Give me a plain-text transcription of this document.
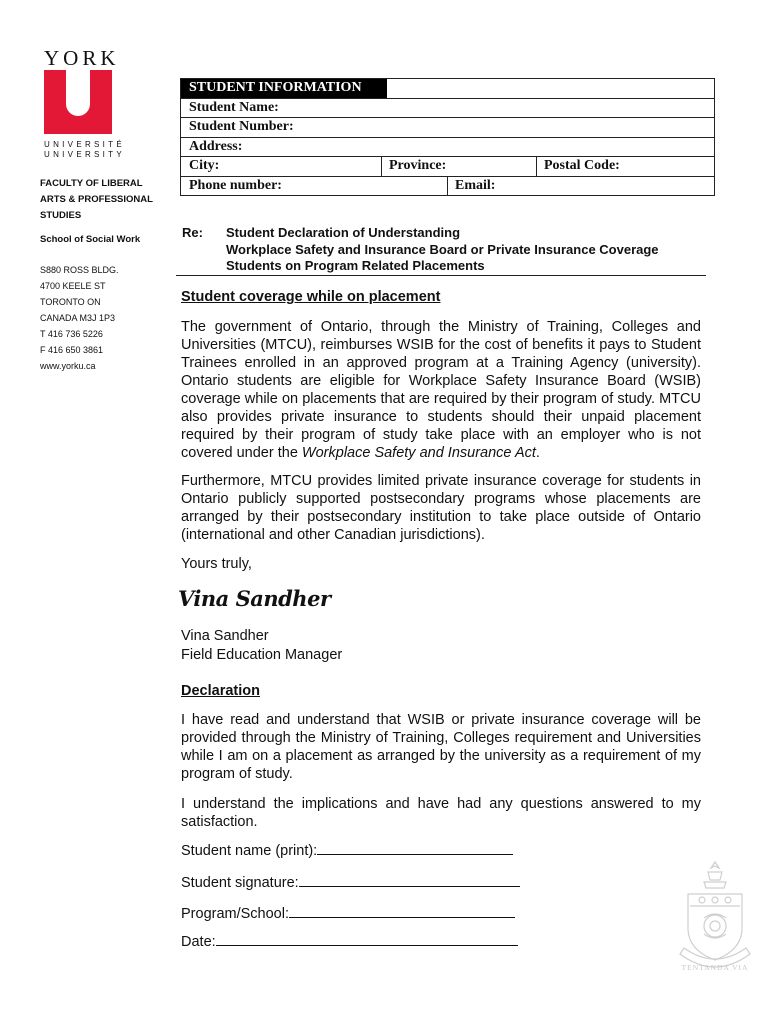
YORK
UNIVERSITÉ
UNIVERSITY
FACULTY OF LIBERAL ARTS & PROFESSIONAL STUDIES
School of Social Work
S880 ROSS BLDG.
4700 KEELE ST
TORONTO ON
CANADA M3J 1P3
T 416 736 5226
F 416 650 3861
www.yorku.ca
STUDENT INFORMATION
Student Name:
Student Number:
Address:
City:	Province:	Postal Code:
Phone number:	Email:
Re: Student Declaration of Understanding
Workplace Safety and Insurance Board or Private Insurance Coverage
Students on Program Related Placements
Student coverage while on placement
The government of Ontario, through the Ministry of Training, Colleges and Universities (MTCU), reimburses WSIB for the cost of benefits it pays to Student Trainees enrolled in an approved program at a Training Agency (university). Ontario students are eligible for Workplace Safety Insurance Board (WSIB) coverage while on placements that are required by their program of study. MTCU also provides private insurance to students should their unpaid placement required by their program of study take place with an employer who is not covered under the Workplace Safety and Insurance Act.
Furthermore, MTCU provides limited private insurance coverage for students in Ontario publicly supported postsecondary programs whose placements are arranged by their postsecondary institution to take place outside of Ontario (international and other Canadian jurisdictions).
Yours truly,
Vina Sandher
Vina Sandher
Field Education Manager
Declaration
I have read and understand that WSIB or private insurance coverage will be provided through the Ministry of Training, Colleges requirement and Universities while I am on a placement as arranged by the university as a requirement of my program of study.
I understand the implications and have had any questions answered to my satisfaction.
Student name (print):
Student signature:
Program/School:
Date:
TENTANDA VIA
